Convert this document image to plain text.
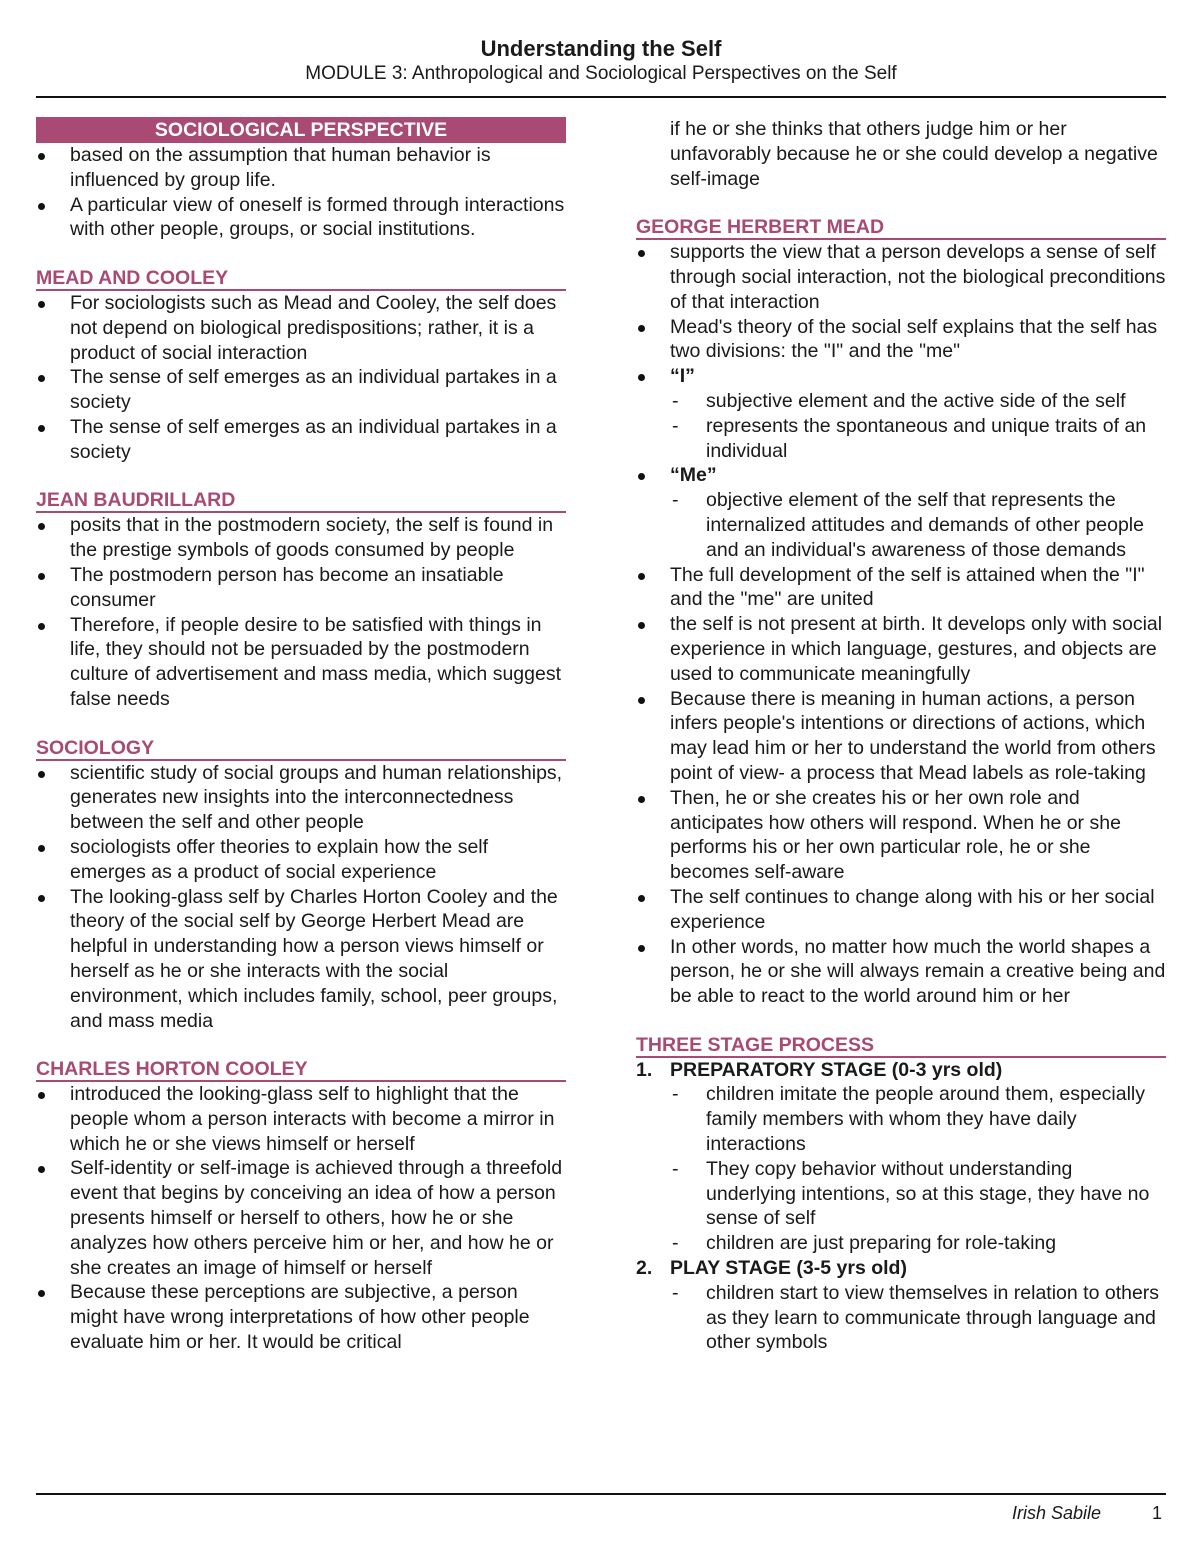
Understanding the Self
MODULE 3: Anthropological and Sociological Perspectives on the Self
SOCIOLOGICAL PERSPECTIVE
based on the assumption that human behavior is influenced by group life.
A particular view of oneself is formed through interactions with other people, groups, or social institutions.
MEAD AND COOLEY
For sociologists such as Mead and Cooley, the self does not depend on biological predispositions; rather, it is a product of social interaction
The sense of self emerges as an individual partakes in a society
The sense of self emerges as an individual partakes in a society
JEAN BAUDRILLARD
posits that in the postmodern society, the self is found in the prestige symbols of goods consumed by people
The postmodern person has become an insatiable consumer
Therefore, if people desire to be satisfied with things in life, they should not be persuaded by the postmodern culture of advertisement and mass media, which suggest false needs
SOCIOLOGY
scientific study of social groups and human relationships, generates new insights into the interconnectedness between the self and other people
sociologists offer theories to explain how the self emerges as a product of social experience
The looking-glass self by Charles Horton Cooley and the theory of the social self by George Herbert Mead are helpful in understanding how a person views himself or herself as he or she interacts with the social environment, which includes family, school, peer groups, and mass media
CHARLES HORTON COOLEY
introduced the looking-glass self to highlight that the people whom a person interacts with become a mirror in which he or she views himself or herself
Self-identity or self-image is achieved through a threefold event that begins by conceiving an idea of how a person presents himself or herself to others, how he or she analyzes how others perceive him or her, and how he or she creates an image of himself or herself
Because these perceptions are subjective, a person might have wrong interpretations of how other people evaluate him or her. It would be critical
if he or she thinks that others judge him or her unfavorably because he or she could develop a negative self-image
GEORGE HERBERT MEAD
supports the view that a person develops a sense of self through social interaction, not the biological preconditions of that interaction
Mead's theory of the social self explains that the self has two divisions: the "I" and the "me"
“I”
- subjective element and the active side of the self
- represents the spontaneous and unique traits of an individual
“Me”
- objective element of the self that represents the internalized attitudes and demands of other people and an individual's awareness of those demands
The full development of the self is attained when the "I" and the "me" are united
the self is not present at birth. It develops only with social experience in which language, gestures, and objects are used to communicate meaningfully
Because there is meaning in human actions, a person infers people's intentions or directions of actions, which may lead him or her to understand the world from others point of view- a process that Mead labels as role-taking
Then, he or she creates his or her own role and anticipates how others will respond. When he or she performs his or her own particular role, he or she becomes self-aware
The self continues to change along with his or her social experience
In other words, no matter how much the world shapes a person, he or she will always remain a creative being and be able to react to the world around him or her
THREE STAGE PROCESS
1. PREPARATORY STAGE (0-3 yrs old)
- children imitate the people around them, especially family members with whom they have daily interactions
- They copy behavior without understanding underlying intentions, so at this stage, they have no sense of self
- children are just preparing for role-taking
2. PLAY STAGE (3-5 yrs old)
- children start to view themselves in relation to others as they learn to communicate through language and other symbols
Irish Sabile	1
